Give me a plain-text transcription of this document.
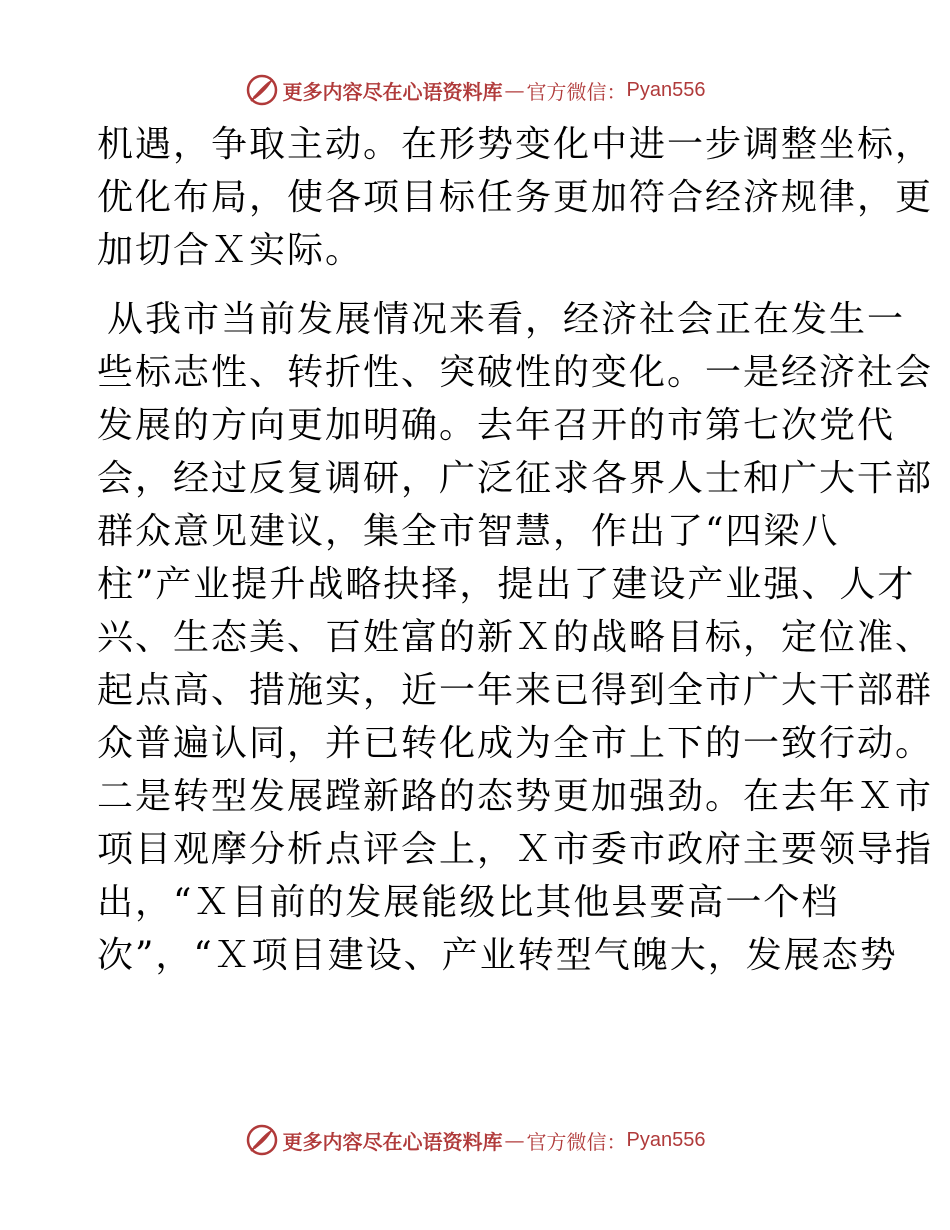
更多内容尽在心语资料库 — 官方微信： Pyan556
机遇，争取主动。在形势变化中进一步调整坐标，
优化布局，使各项目标任务更加符合经济规律，更
加切合Ｘ实际。
从我市当前发展情况来看，经济社会正在发生一
些标志性、转折性、突破性的变化。一是经济社会
发展的方向更加明确。去年召开的市第七次党代
会，经过反复调研，广泛征求各界人士和广大干部
群众意见建议，集全市智慧，作出了“四梁八
柱”产业提升战略抉择，提出了建设产业强、人才
兴、生态美、百姓富的新Ｘ的战略目标，定位准、
起点高、措施实，近一年来已得到全市广大干部群
众普遍认同，并已转化成为全市上下的一致行动。
二是转型发展蹚新路的态势更加强劲。在去年Ｘ市
项目观摩分析点评会上，Ｘ市委市政府主要领导指
出，“Ｘ目前的发展能级比其他县要高一个档
次”，“Ｘ项目建设、产业转型气魄大，发展态势
更多内容尽在心语资料库 — 官方微信： Pyan556
